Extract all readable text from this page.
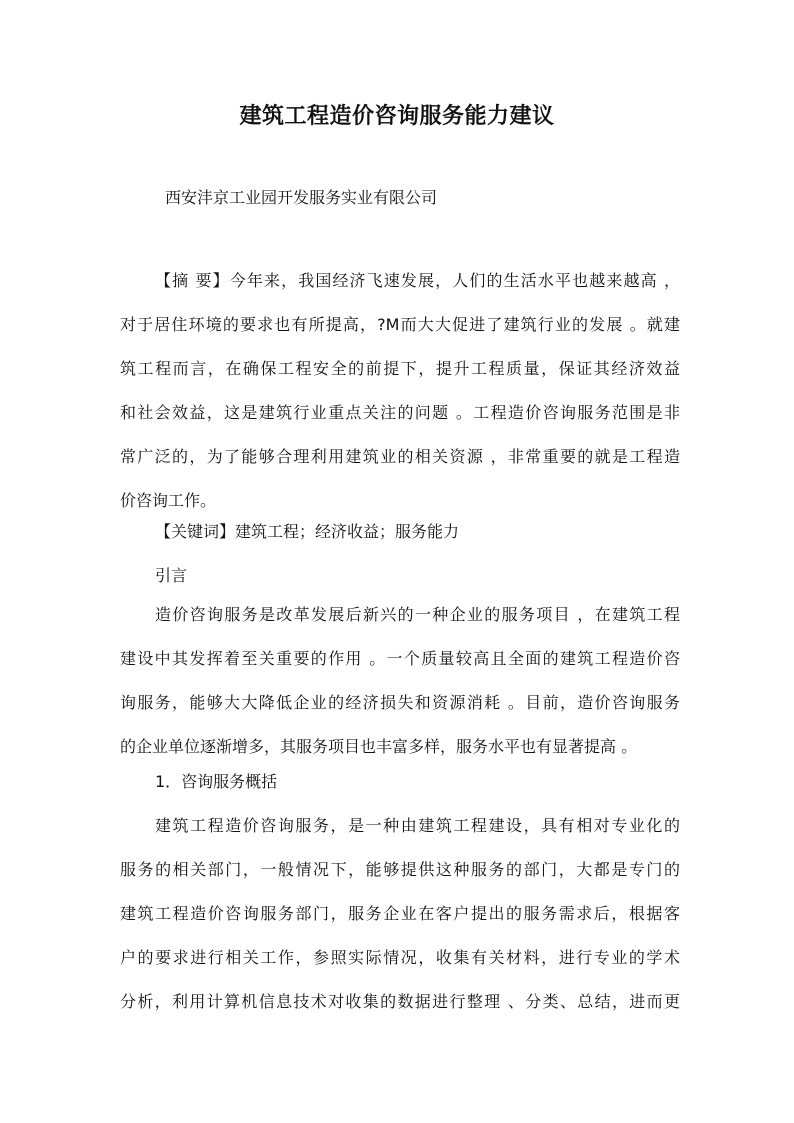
建筑工程造价咨询服务能力建议
西安沣京工业园开发服务实业有限公司
【摘 要】今年来，我国经济飞速发展，人们的生活水平也越来越高 ，
对于居住环境的要求也有所提高，?M而大大促进了建筑行业的发展 。就建
筑工程而言，在确保工程安全的前提下，提升工程质量，保证其经济效益
和社会效益，这是建筑行业重点关注的问题 。工程造价咨询服务范围是非
常广泛的，为了能够合理利用建筑业的相关资源 ，非常重要的就是工程造
价咨询工作。
【关键词】建筑工程；经济收益；服务能力
引言
造价咨询服务是改革发展后新兴的一种企业的服务项目 ，在建筑工程
建设中其发挥着至关重要的作用 。一个质量较高且全面的建筑工程造价咨
询服务，能够大大降低企业的经济损失和资源消耗 。目前，造价咨询服务
的企业单位逐渐增多，其服务项目也丰富多样，服务水平也有显著提高 。
1．咨询服务概括
建筑工程造价咨询服务，是一种由建筑工程建设，具有相对专业化的
服务的相关部门，一般情况下，能够提供这种服务的部门，大都是专门的
建筑工程造价咨询服务部门，服务企业在客户提出的服务需求后，根据客
户的要求进行相关工作，参照实际情况，收集有关材料，进行专业的学术
分析，利用计算机信息技术对收集的数据进行整理 、分类、总结，进而更
